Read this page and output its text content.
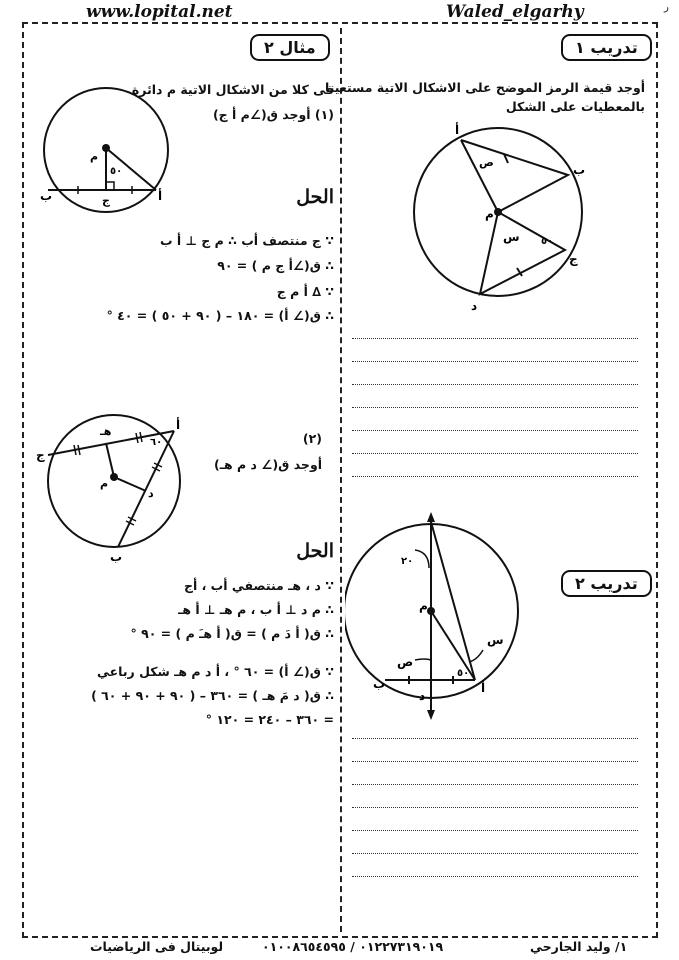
www.lopital.net	Waled_elgarhy	ﺭ
تدريب ١
أوجد قيمة الرمز الموضح على الاشكال الاتية مستعينا
بالمعطيات على الشكل
أ
ب
ج
د
م
س
ص
٥٠
٢٠
م
س
ص
٥٠
أ
ب
د
تدريب ٢
مثال ٢
فى كلا من الاشكال الاتية م دائرة
(١) أوجد ق(∠م أ ج)
م
٥٠
أ
ب	ج	الحل
∵ ج منتصف أب ∴ م ج ⊥ أ ب
∴ ق(∠أ ج م ) = ٩٠
∵ ∆ أ م ج
∴ ق(∠ أ) = ١٨٠ – ( ٩٠ + ٥٠ ) = ٤٠ °
أ
ب
ج
هـ
د
م
٦٠	(٢)
أوجد ق(∠ د م هـ)
الحل
∵ د ، هـ منتصفي أب ، أج
∴ م د ⊥ أ ب ، م هـ ⊥ أ هـ
∴ ق( أ دَ م ) = ق( أ هـَ م ) = ٩٠ °
∵ ق(∠ أ) = ٦٠ ° ، أ د م هـ شكل رباعي
∴ ق( د مَ هـ ) = ٣٦٠ – ( ٩٠ + ٩٠ + ٦٠ )
= ٣٦٠ – ٢٤٠ = ١٢٠ °
لوبيتال فى الرياضيات	٠١٢٢٧٣١٩٠١٩ / ٠١٠٠٨٦٥٤٥٩٥	١/ وليد الجارحي
